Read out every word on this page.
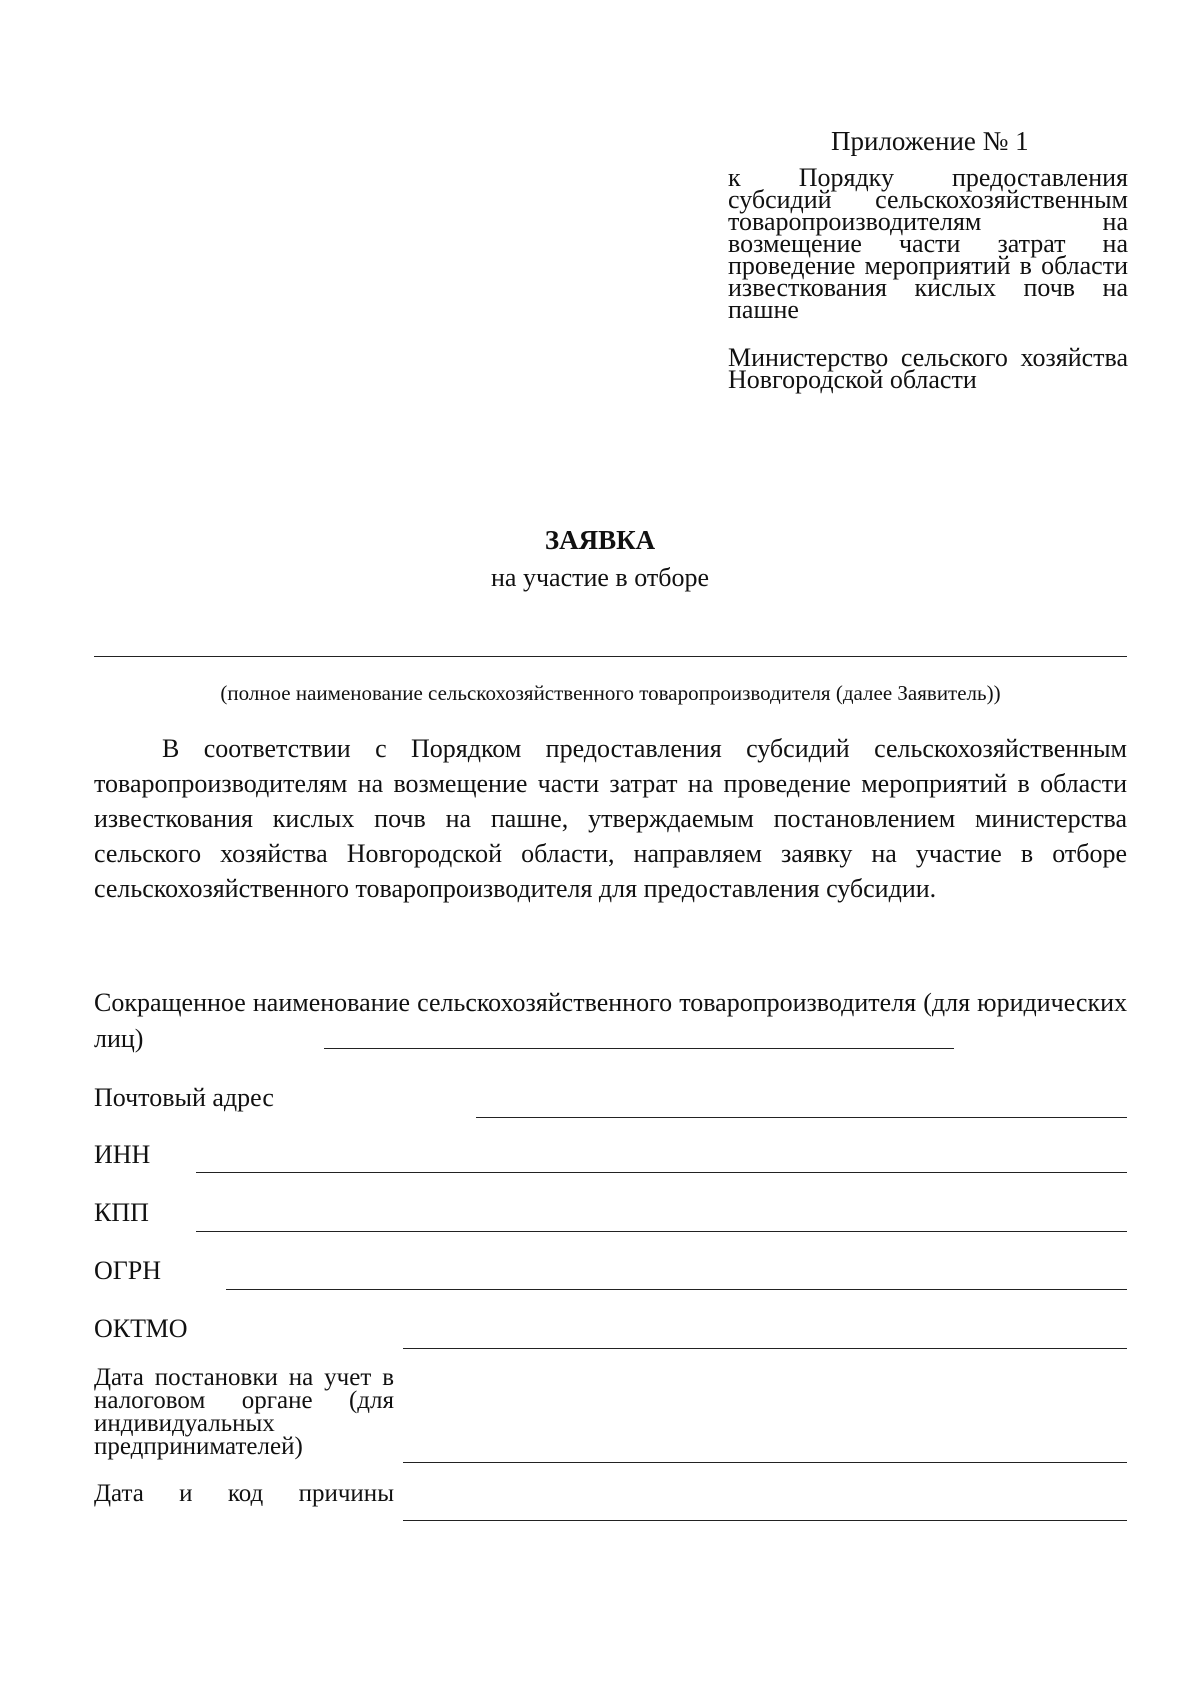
Приложение № 1
к Порядку предоставления субсидий сельскохозяйственным товаропроизводителям на возмещение части затрат на проведение мероприятий в области известкования кислых почв на пашне
Министерство сельского хозяйства Новгородской области
ЗАЯВКА
на участие в отборе
(полное наименование сельскохозяйственного товаропроизводителя (далее Заявитель))
В соответствии с Порядком предоставления субсидий сельскохозяйственным товаропроизводителям на возмещение части затрат на проведение мероприятий в области известкования кислых почв на пашне, утверждаемым постановлением министерства сельского хозяйства Новгородской области, направляем заявку на участие в отборе сельскохозяйственного товаропроизводителя для предоставления субсидии.
Сокращенное наименование сельскохозяйственного товаропроизводителя (для юридических лиц)
Почтовый адрес
ИНН
КПП
ОГРН
ОКТМО
Дата постановки на учет в налоговом органе (для индивидуальных предпринимателей)
Дата и код причины
